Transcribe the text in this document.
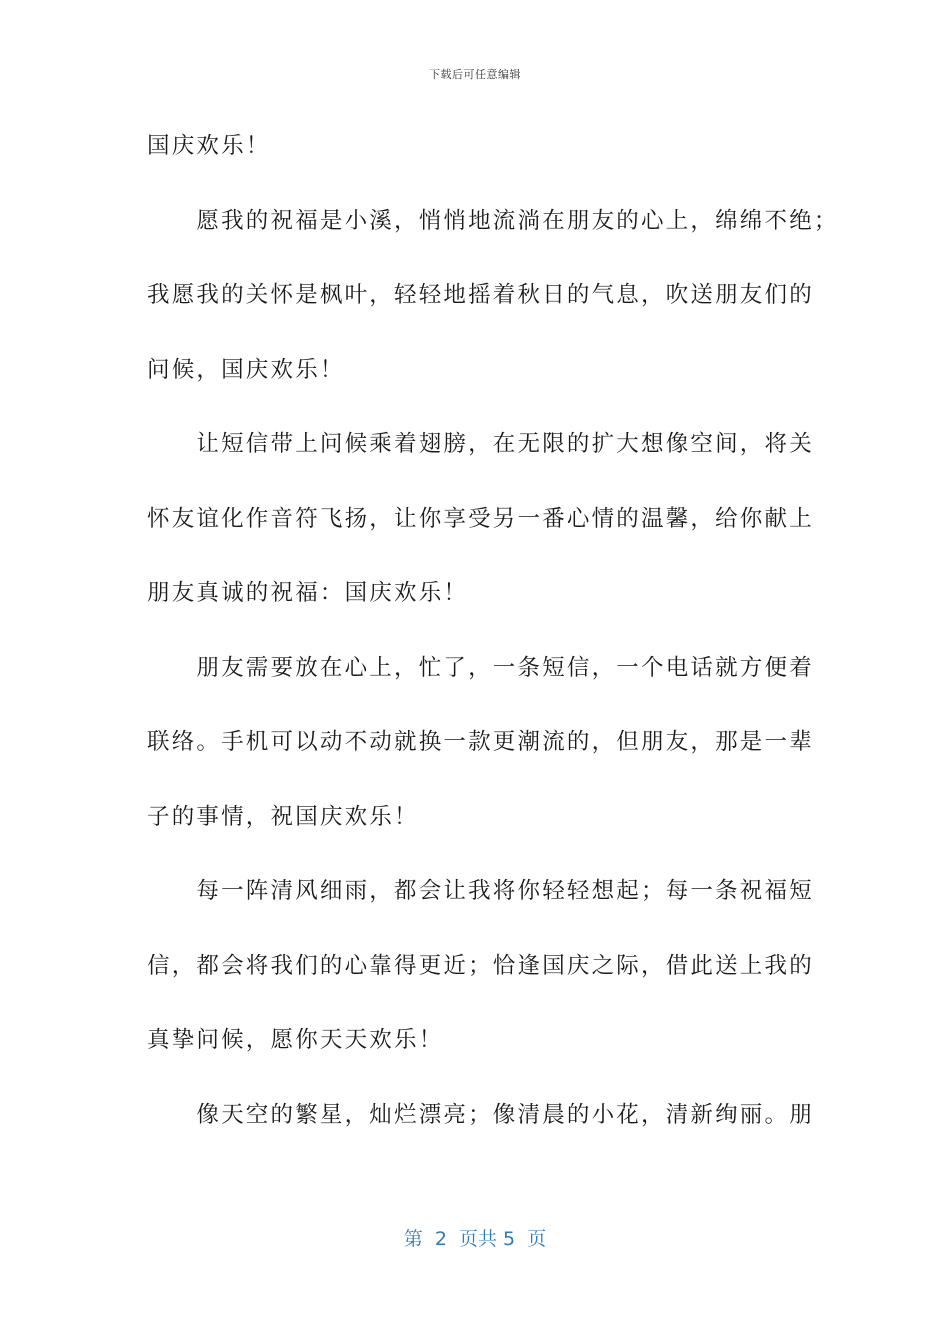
下载后可任意编辑
国庆欢乐！
　　愿我的祝福是小溪，悄悄地流淌在朋友的心上，绵绵不绝；
我愿我的关怀是枫叶，轻轻地摇着秋日的气息，吹送朋友们的
问候，国庆欢乐！
　　让短信带上问候乘着翅膀，在无限的扩大想像空间，将关
怀友谊化作音符飞扬，让你享受另一番心情的温馨，给你献上
朋友真诚的祝福：国庆欢乐！
　　朋友需要放在心上，忙了，一条短信，一个电话就方便着
联络。手机可以动不动就换一款更潮流的，但朋友，那是一辈
子的事情，祝国庆欢乐！
　　每一阵清风细雨，都会让我将你轻轻想起；每一条祝福短
信，都会将我们的心靠得更近；恰逢国庆之际，借此送上我的
真挚问候，愿你天天欢乐！
　　像天空的繁星，灿烂漂亮；像清晨的小花，清新绚丽。朋
第  2  页共 5  页
